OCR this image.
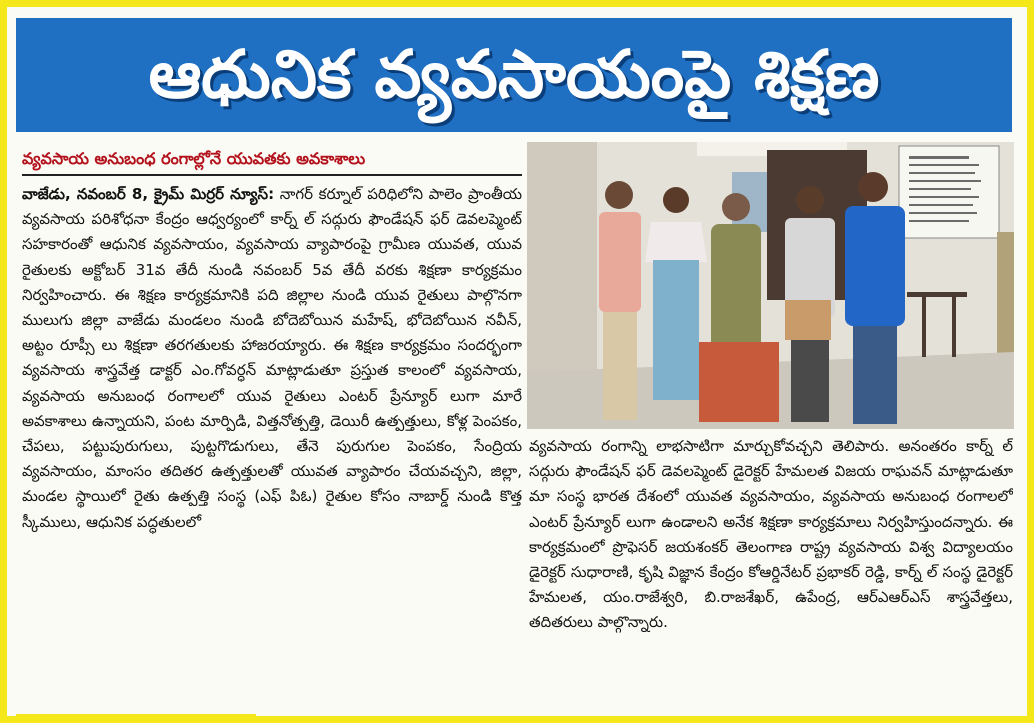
ఆధునిక వ్యవసాయంపై శిక్షణ
వ్యవసాయ అనుబంధ రంగాల్లోనే యువతకు అవకాశాలు
వాజేడు, నవంబర్ 8, క్రైమ్ మిర్రర్ న్యూస్: నాగర్ కర్నూల్ పరిధిలోని పాలెం ప్రాంతీయ వ్యవసాయ పరిశోధనా కేంద్రం ఆధ్వర్యంలో కార్న్ ల్ సద్గురు ఫౌండేషన్ ఫర్ డెవలప్మెంట్ సహకారంతో ఆధునిక వ్యవసాయం, వ్యవసాయ వ్యాపారంపై గ్రామీణ యువత, యువ రైతులకు అక్టోబర్ 31వ తేదీ నుండి నవంబర్ 5వ తేదీ వరకు శిక్షణా కార్యక్రమం నిర్వహించారు. ఈ శిక్షణ కార్యక్రమానికి పది జిల్లాల నుండి యువ రైతులు పాల్గొనగా ములుగు జిల్లా వాజేడు మండలం నుండి బోదెబోయిన మహేష్, భోదెబోయిన నవీన్, అట్టం రూప్సీ లు శిక్షణా తరగతులకు హాజరయ్యారు. ఈ శిక్షణ కార్యక్రమం సందర్భంగా వ్యవసాయ శాస్త్రవేత్త డాక్టర్ ఎం.గోవర్ధన్ మాట్లాడుతూ ప్రస్తుత కాలంలో వ్యవసాయ, వ్యవసాయ అనుబంధ రంగాలలో యువ రైతులు ఎంటర్ ప్రేన్యూర్ లుగా మారే అవకాశాలు ఉన్నాయని, పంట మార్పిడి, విత్తనోత్పత్తి, డెయిరీ ఉత్పత్తులు, కోళ్ల పెంపకం, చేపలు, పట్టుపురుగులు, పుట్టగొడుగులు, తేనె పురుగుల పెంపకం, సేంద్రియ వ్యవసాయం, మాంసం తదితర ఉత్పత్తులతో యువత వ్యాపారం చేయవచ్చని, జిల్లా, మండల స్థాయిలో రైతు ఉత్పత్తి సంస్థ (ఎఫ్ పిఓ) రైతుల కోసం నాబార్డ్ నుండి కొత్త స్కీములు, ఆధునిక పద్ధతులలో
వ్యవసాయ రంగాన్ని లాభసాటిగా మార్చుకోవచ్చని తెలిపారు. అనంతరం కార్న్ ల్ సద్గురు ఫౌండేషన్ ఫర్ డెవలప్మెంట్ డైరెక్టర్ హేమలత విజయ రాఘవన్ మాట్లాడుతూ మా సంస్థ భారత దేశంలో యువత వ్యవసాయం, వ్యవసాయ అనుబంధ రంగాలలో ఎంటర్ ప్రేన్యూర్ లుగా ఉండాలని అనేక శిక్షణా కార్యక్రమాలు నిర్వహిస్తుందన్నారు. ఈ కార్యక్రమంలో ప్రొఫెసర్ జయశంకర్ తెలంగాణ రాష్ట్ర వ్యవసాయ విశ్వ విద్యాలయం డైరెక్టర్ సుధారాణి, కృషి విజ్ఞాన కేంద్రం కోఆర్డినేటర్ ప్రభాకర్ రెడ్డి, కార్న్ ల్ సంస్థ డైరెక్టర్ హేమలత, యం.రాజేశ్వరి, బి.రాజశేఖర్, ఉపేంద్ర, ఆర్ఎఆర్ఎస్ శాస్త్రవేత్తలు, తదితరులు పాల్గొన్నారు.
